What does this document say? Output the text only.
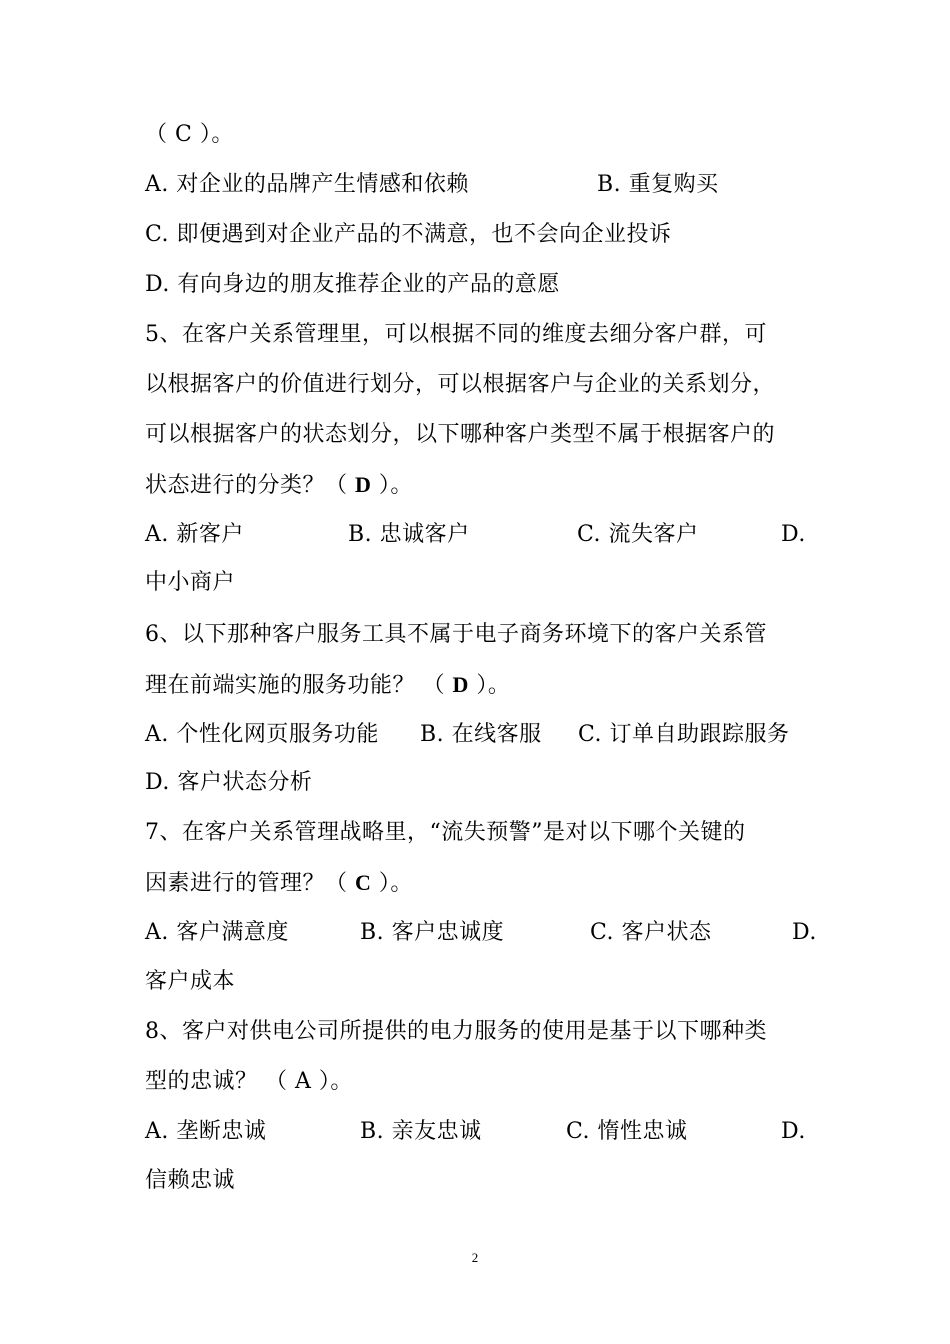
（ C ）。
A. 对企业的品牌产生情感和依赖	B. 重复购买
C. 即便遇到对企业产品的不满意，也不会向企业投诉
D. 有向身边的朋友推荐企业的产品的意愿
5、在客户关系管理里，可以根据不同的维度去细分客户群，可
以根据客户的价值进行划分，可以根据客户与企业的关系划分，
可以根据客户的状态划分，以下哪种客户类型不属于根据客户的
状态进行的分类？（ D ）。
A. 新客户	B. 忠诚客户	C. 流失客户	D.
中小商户
6、以下那种客户服务工具不属于电子商务环境下的客户关系管
理在前端实施的服务功能？ （ D ）。
A. 个性化网页服务功能 B. 在线客服 C. 订单自助跟踪服务
D. 客户状态分析
7、在客户关系管理战略里，“流失预警”是对以下哪个关键的
因素进行的管理？（ C ）。
A. 客户满意度	B. 客户忠诚度	C. 客户状态	D.
客户成本
8、客户对供电公司所提供的电力服务的使用是基于以下哪种类
型的忠诚？ （ A ）。
A. 垄断忠诚	B. 亲友忠诚	C. 惰性忠诚	D.
信赖忠诚
2
